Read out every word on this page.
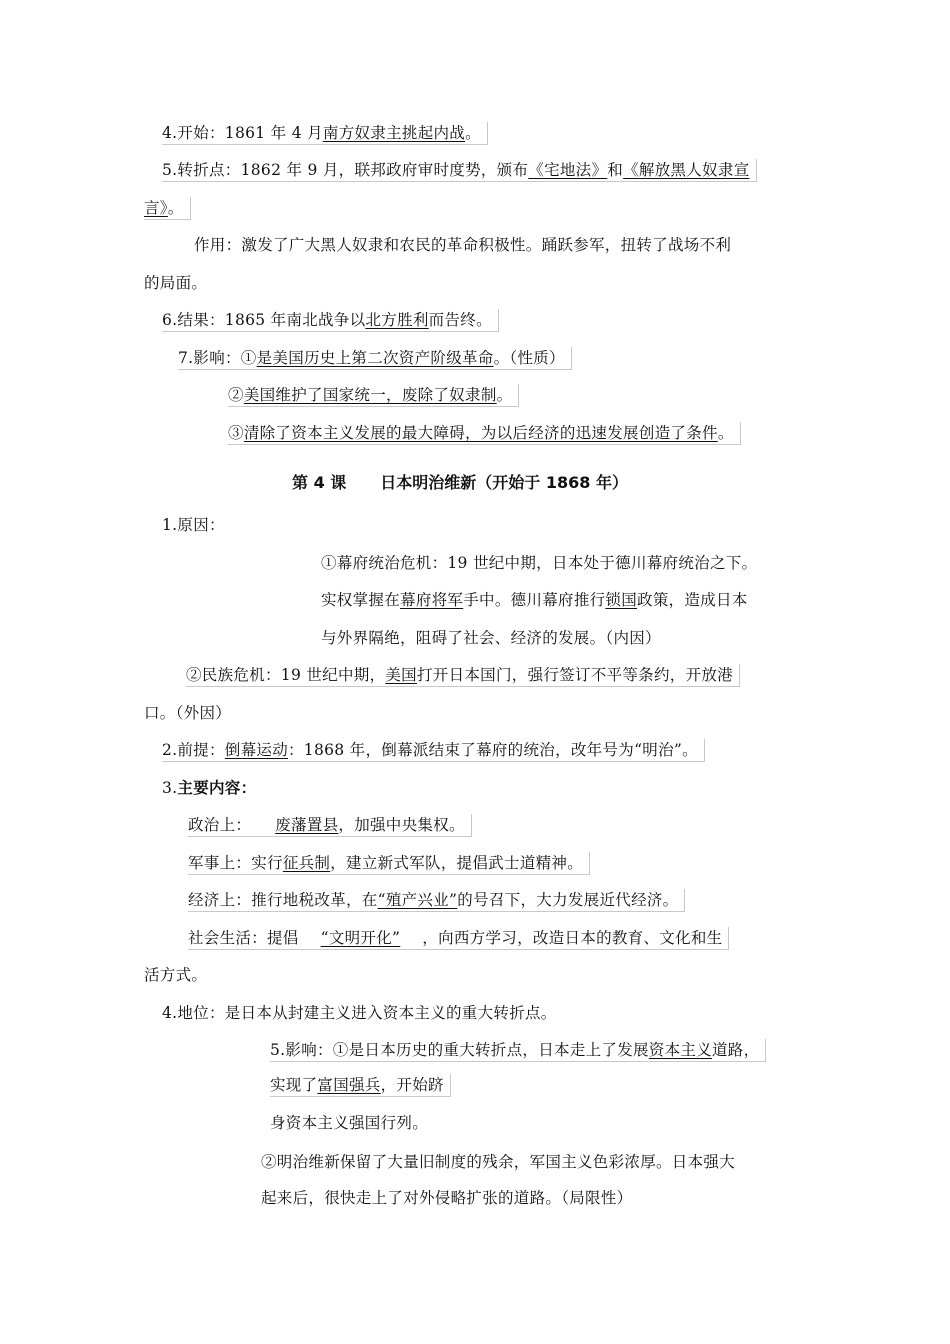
4.开始：1861 年 4 月南方奴隶主挑起内战。
5.转折点：1862 年 9 月，联邦政府审时度势，颁布《宅地法》和《解放黑人奴隶宣
言》。
作用：激发了广大黑人奴隶和农民的革命积极性。踊跃参军，扭转了战场不利
的局面。
6.结果：1865 年南北战争以北方胜利而告终。
7.影响：①是美国历史上第二次资产阶级革命。（性质）
②美国维护了国家统一，废除了奴隶制。
③清除了资本主义发展的最大障碍，为以后经济的迅速发展创造了条件。
第 4 课 日本明治维新（开始于 1868 年）
1.原因：
①幕府统治危机：19 世纪中期，日本处于德川幕府统治之下。
实权掌握在幕府将军手中。德川幕府推行锁国政策，造成日本
与外界隔绝，阻碍了社会、经济的发展。（内因）
②民族危机：19 世纪中期，美国打开日本国门，强行签订不平等条约，开放港
口。（外因）
2.前提：倒幕运动：1868 年，倒幕派结束了幕府的统治，改年号为“明治”。
3.主要内容：
政治上： 废藩置县，加强中央集权。
军事上：实行征兵制，建立新式军队，提倡武士道精神。
经济上：推行地税改革，在“殖产兴业”的号召下，大力发展近代经济。
社会生活：提倡 “文明开化” ，向西方学习，改造日本的教育、文化和生
活方式。
4.地位：是日本从封建主义进入资本主义的重大转折点。
5.影响：①是日本历史的重大转折点，日本走上了发展资本主义道路，
实现了富国强兵，开始跻
身资本主义强国行列。
②明治维新保留了大量旧制度的残余，军国主义色彩浓厚。日本强大
起来后，很快走上了对外侵略扩张的道路。（局限性）
